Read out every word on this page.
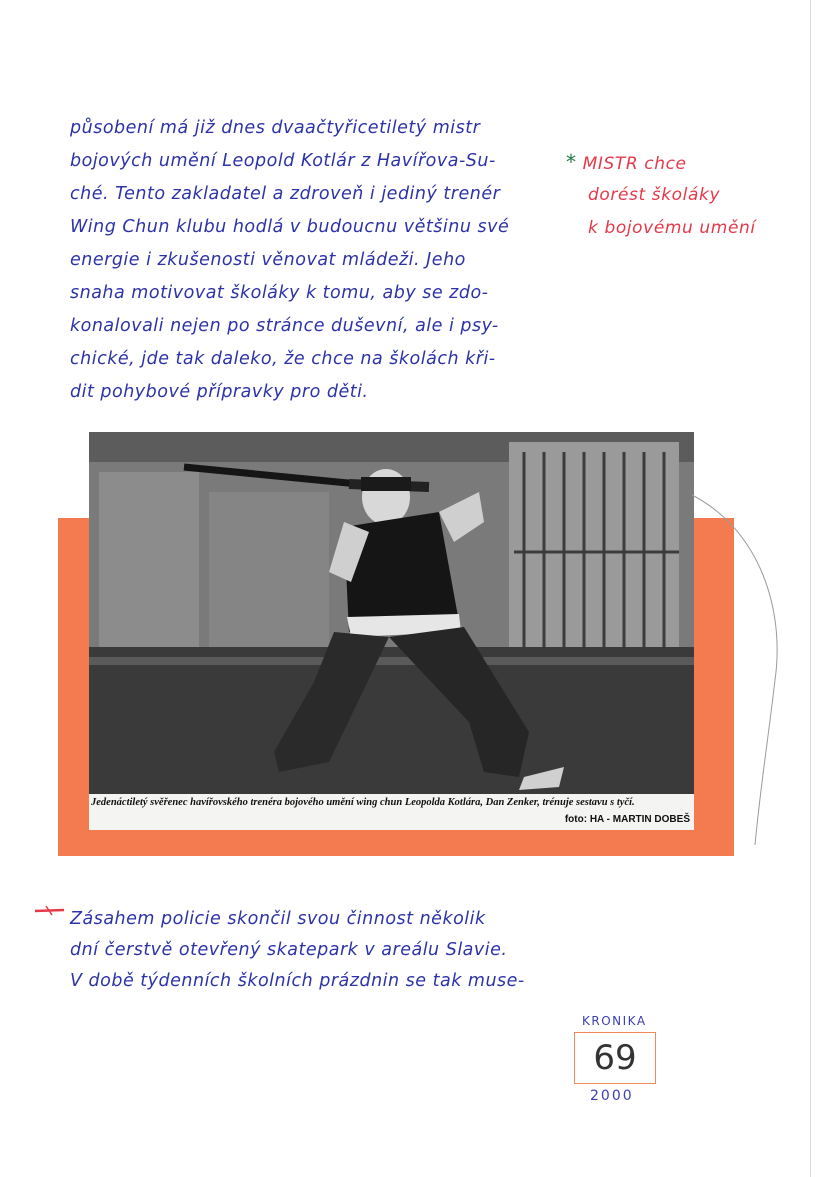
působení má již dnes dvaačtyřicetiletý mistr
bojových umění Leopold Kotlár z Havířova-Su-
ché. Tento zakladatel a zdroveň i jediný trenér
Wing Chun klubu hodlá v budoucnu většinu své
energie i zkušenosti věnovat mládeži. Jeho
snaha motivovat školáky k tomu, aby se zdo-
konalovali nejen po stránce duševní, ale i psy-
chické, jde tak daleko, že chce na školách kři-
dit pohybové přípravky pro děti.
* MISTR chce
dorést školáky
k bojovému umění
Jedenáctiletý svěřenec havířovského trenéra bojového umění wing chun Leopolda Kotlára, Dan Zenker, trénuje sestavu s tyčí.
foto: HA - MARTIN DOBEŠ
Zásahem policie skončil svou činnost několik
dní čerstvě otevřený skatepark v areálu Slavie.
V době týdenních školních prázdnin se tak muse-
KRONIKA
69
2000
